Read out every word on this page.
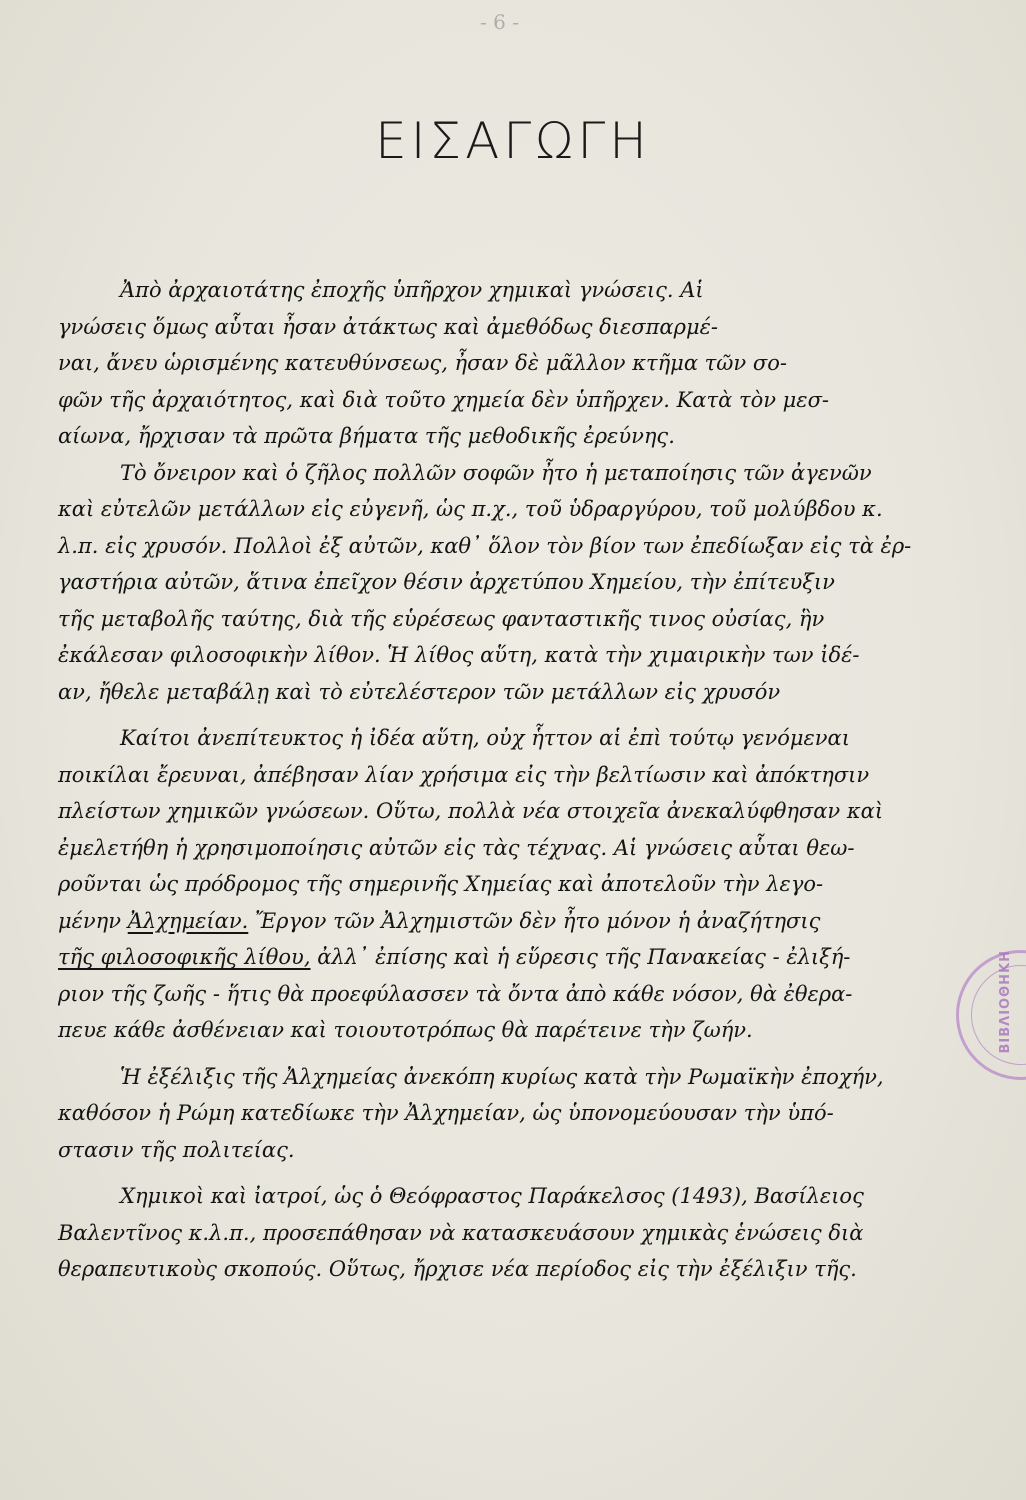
- 6 -
ΕΙΣΑΓΩΓΗ
Ἀπὸ ἀρχαιοτάτης ἐποχῆς ὑπῆρχον χημικαὶ γνώσεις. Αἱ
γνώσεις ὅμως αὗται ἦσαν ἀτάκτως καὶ ἀμεθόδως διεσπαρμέ-
ναι, ἄνευ ὡρισμένης κατευθύνσεως, ἦσαν δὲ μᾶλλον κτῆμα τῶν σο-
φῶν τῆς ἀρχαιότητος, καὶ διὰ τοῦτο χημεία δὲν ὑπῆρχεν. Κατὰ τὸν μεσ-
αίωνα, ἤρχισαν τὰ πρῶτα βήματα τῆς μεθοδικῆς ἐρεύνης.
Τὸ ὄνειρον καὶ ὁ ζῆλος πολλῶν σοφῶν ἦτο ἡ μεταποίησις τῶν ἀγενῶν
καὶ εὐτελῶν μετάλλων εἰς εὐγενῆ, ὡς π.χ., τοῦ ὑδραργύρου, τοῦ μολύβδου κ.
λ.π. εἰς χρυσόν. Πολλοὶ ἐξ αὐτῶν, καθ᾽ ὅλον τὸν βίον των ἐπεδίωξαν εἰς τὰ ἐρ-
γαστήρια αὐτῶν, ἅτινα ἐπεῖχον θέσιν ἀρχετύπου Χημείου, τὴν ἐπίτευξιν
τῆς μεταβολῆς ταύτης, διὰ τῆς εὑρέσεως φανταστικῆς τινος οὐσίας, ἣν
ἐκάλεσαν φιλοσοφικὴν λίθον. Ἡ λίθος αὕτη, κατὰ τὴν χιμαιρικὴν των ἰδέ-
αν, ἤθελε μεταβάλῃ καὶ τὸ εὐτελέστερον τῶν μετάλλων εἰς χρυσόν
Καίτοι ἀνεπίτευκτος ἡ ἰδέα αὕτη, οὐχ ἧττον αἱ ἐπὶ τούτῳ γενόμεναι
ποικίλαι ἔρευναι, ἀπέβησαν λίαν χρήσιμα εἰς τὴν βελτίωσιν καὶ ἀπόκτησιν
πλείστων χημικῶν γνώσεων. Οὕτω, πολλὰ νέα στοιχεῖα ἀνεκαλύφθησαν καὶ
ἐμελετήθη ἡ χρησιμοποίησις αὐτῶν εἰς τὰς τέχνας. Αἱ γνώσεις αὗται θεω-
ροῦνται ὡς πρόδρομος τῆς σημερινῆς Χημείας καὶ ἀποτελοῦν τὴν λεγο-
μένην Ἀλχημείαν. Ἔργον τῶν Ἀλχημιστῶν δὲν ἦτο μόνον ἡ ἀναζήτησις
τῆς φιλοσοφικῆς λίθου, ἀλλ᾽ ἐπίσης καὶ ἡ εὕρεσις τῆς Πανακείας - ἐλιξή-
ριον τῆς ζωῆς - ἥτις θὰ προεφύλασσεν τὰ ὄντα ἀπὸ κάθε νόσον, θὰ ἐθερα-
πευε κάθε ἀσθένειαν καὶ τοιουτοτρόπως θὰ παρέτεινε τὴν ζωήν.
Ἡ ἐξέλιξις τῆς Ἀλχημείας ἀνεκόπη κυρίως κατὰ τὴν Ρωμαϊκὴν ἐποχήν,
καθόσον ἡ Ρώμη κατεδίωκε τὴν Ἀλχημείαν, ὡς ὑπονομεύουσαν τὴν ὑπό-
στασιν τῆς πολιτείας.
Χημικοὶ καὶ ἰατροί, ὡς ὁ Θεόφραστος Παράκελσος (1493), Βασίλειος
Βαλεντῖνος κ.λ.π., προσεπάθησαν νὰ κατασκευάσουν χημικὰς ἑνώσεις διὰ
θεραπευτικοὺς σκοπούς. Οὕτως, ἤρχισε νέα περίοδος εἰς τὴν ἐξέλιξιν τῆς.
ΒΙΒΛΙΟΘΗΚΗ
